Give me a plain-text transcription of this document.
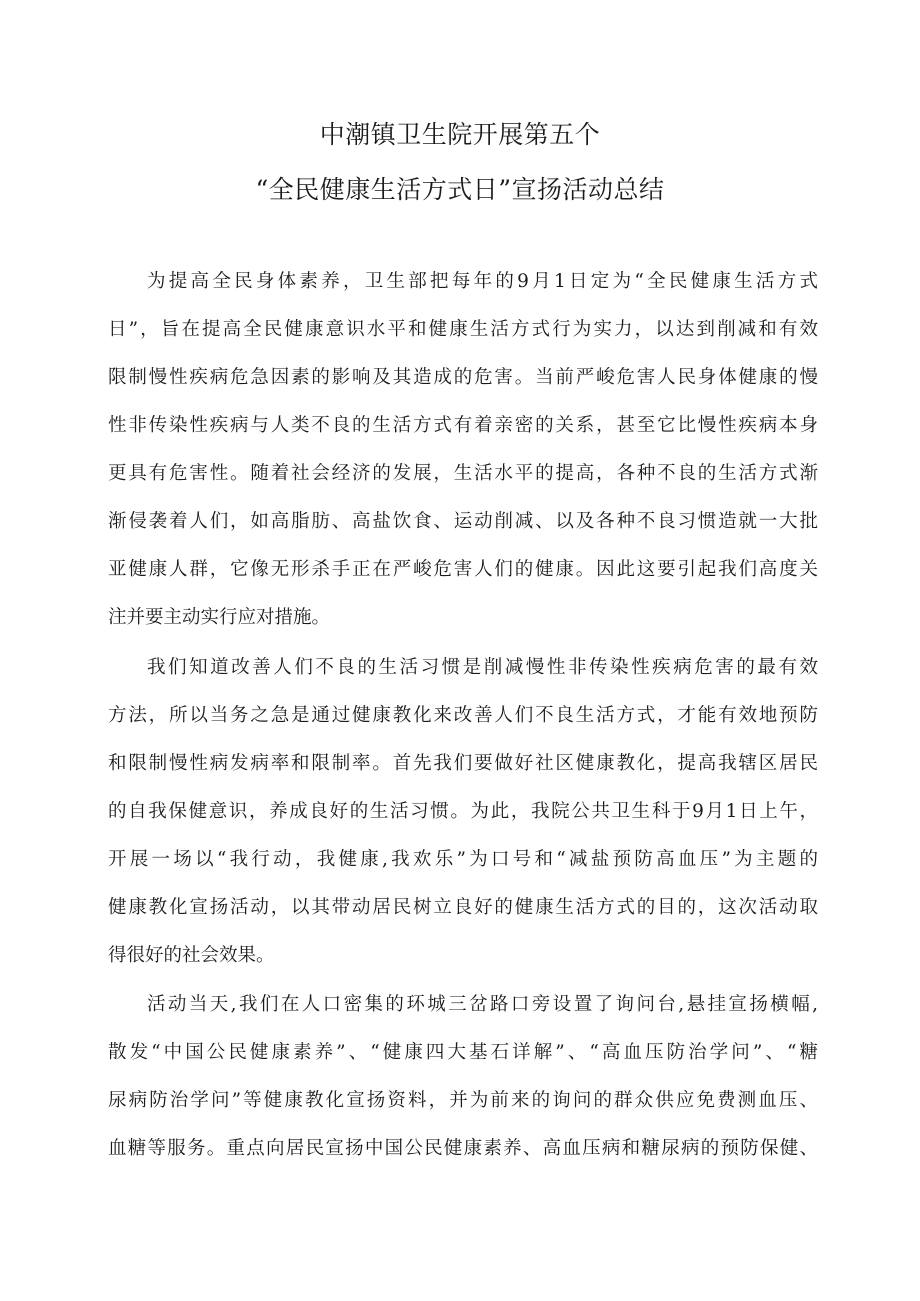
中潮镇卫生院开展第五个
“全民健康生活方式日”宣扬活动总结
为提高全民身体素养，卫生部把每年的9月1日定为“全民健康生活方式
日”，旨在提高全民健康意识水平和健康生活方式行为实力，以达到削减和有效
限制慢性疾病危急因素的影响及其造成的危害。当前严峻危害人民身体健康的慢
性非传染性疾病与人类不良的生活方式有着亲密的关系，甚至它比慢性疾病本身
更具有危害性。随着社会经济的发展，生活水平的提高，各种不良的生活方式渐
渐侵袭着人们，如高脂肪、高盐饮食、运动削减、以及各种不良习惯造就一大批
亚健康人群，它像无形杀手正在严峻危害人们的健康。因此这要引起我们高度关
注并要主动实行应对措施。
我们知道改善人们不良的生活习惯是削减慢性非传染性疾病危害的最有效
方法，所以当务之急是通过健康教化来改善人们不良生活方式，才能有效地预防
和限制慢性病发病率和限制率。首先我们要做好社区健康教化，提高我辖区居民
的自我保健意识，养成良好的生活习惯。为此，我院公共卫生科于9月1日上午，
开展一场以“我行动，我健康,我欢乐”为口号和“减盐预防高血压”为主题的
健康教化宣扬活动，以其带动居民树立良好的健康生活方式的目的，这次活动取
得很好的社会效果。
活动当天,我们在人口密集的环城三岔路口旁设置了询问台,悬挂宣扬横幅,
散发“中国公民健康素养”、“健康四大基石详解”、“高血压防治学问”、“糖
尿病防治学问”等健康教化宣扬资料，并为前来的询问的群众供应免费测血压、
血糖等服务。重点向居民宣扬中国公民健康素养、高血压病和糖尿病的预防保健、
